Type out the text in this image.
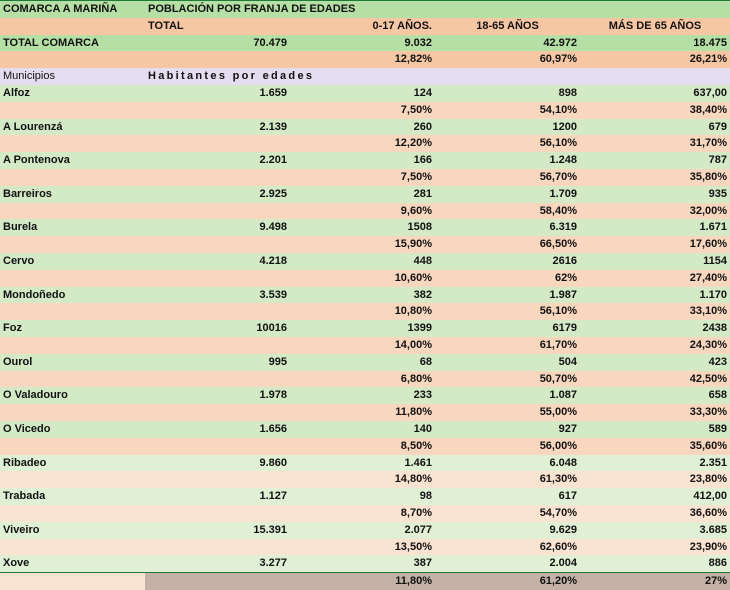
COMARCA A MARIÑA	POBLACIÓN POR FRANJA DE EDADES			
	TOTAL	0-17 AÑOS.	18-65 AÑOS	MÁS DE 65 AÑOS
TOTAL COMARCA	70.479	9.032	42.972	18.475
		12,82%	60,97%	26,21%
Municipios	Habitantes por edades			
Alfoz	1.659	124	898	637,00
		7,50%	54,10%	38,40%
A Lourenzá	2.139	260	1200	679
		12,20%	56,10%	31,70%
A Pontenova	2.201	166	1.248	787
		7,50%	56,70%	35,80%
Barreiros	2.925	281	1.709	935
		9,60%	58,40%	32,00%
Burela	9.498	1508	6.319	1.671
		15,90%	66,50%	17,60%
Cervo	4.218	448	2616	1154
		10,60%	62%	27,40%
Mondoñedo	3.539	382	1.987	1.170
		10,80%	56,10%	33,10%
Foz	10016	1399	6179	2438
		14,00%	61,70%	24,30%
Ourol	995	68	504	423
		6,80%	50,70%	42,50%
O Valadouro	1.978	233	1.087	658
		11,80%	55,00%	33,30%
O Vicedo	1.656	140	927	589
		8,50%	56,00%	35,60%
Ribadeo	9.860	1.461	6.048	2.351
		14,80%	61,30%	23,80%
Trabada	1.127	98	617	412,00
		8,70%	54,70%	36,60%
Viveiro	15.391	2.077	9.629	3.685
		13,50%	62,60%	23,90%
Xove	3.277	387	2.004	886
		11,80%	61,20%	27%
